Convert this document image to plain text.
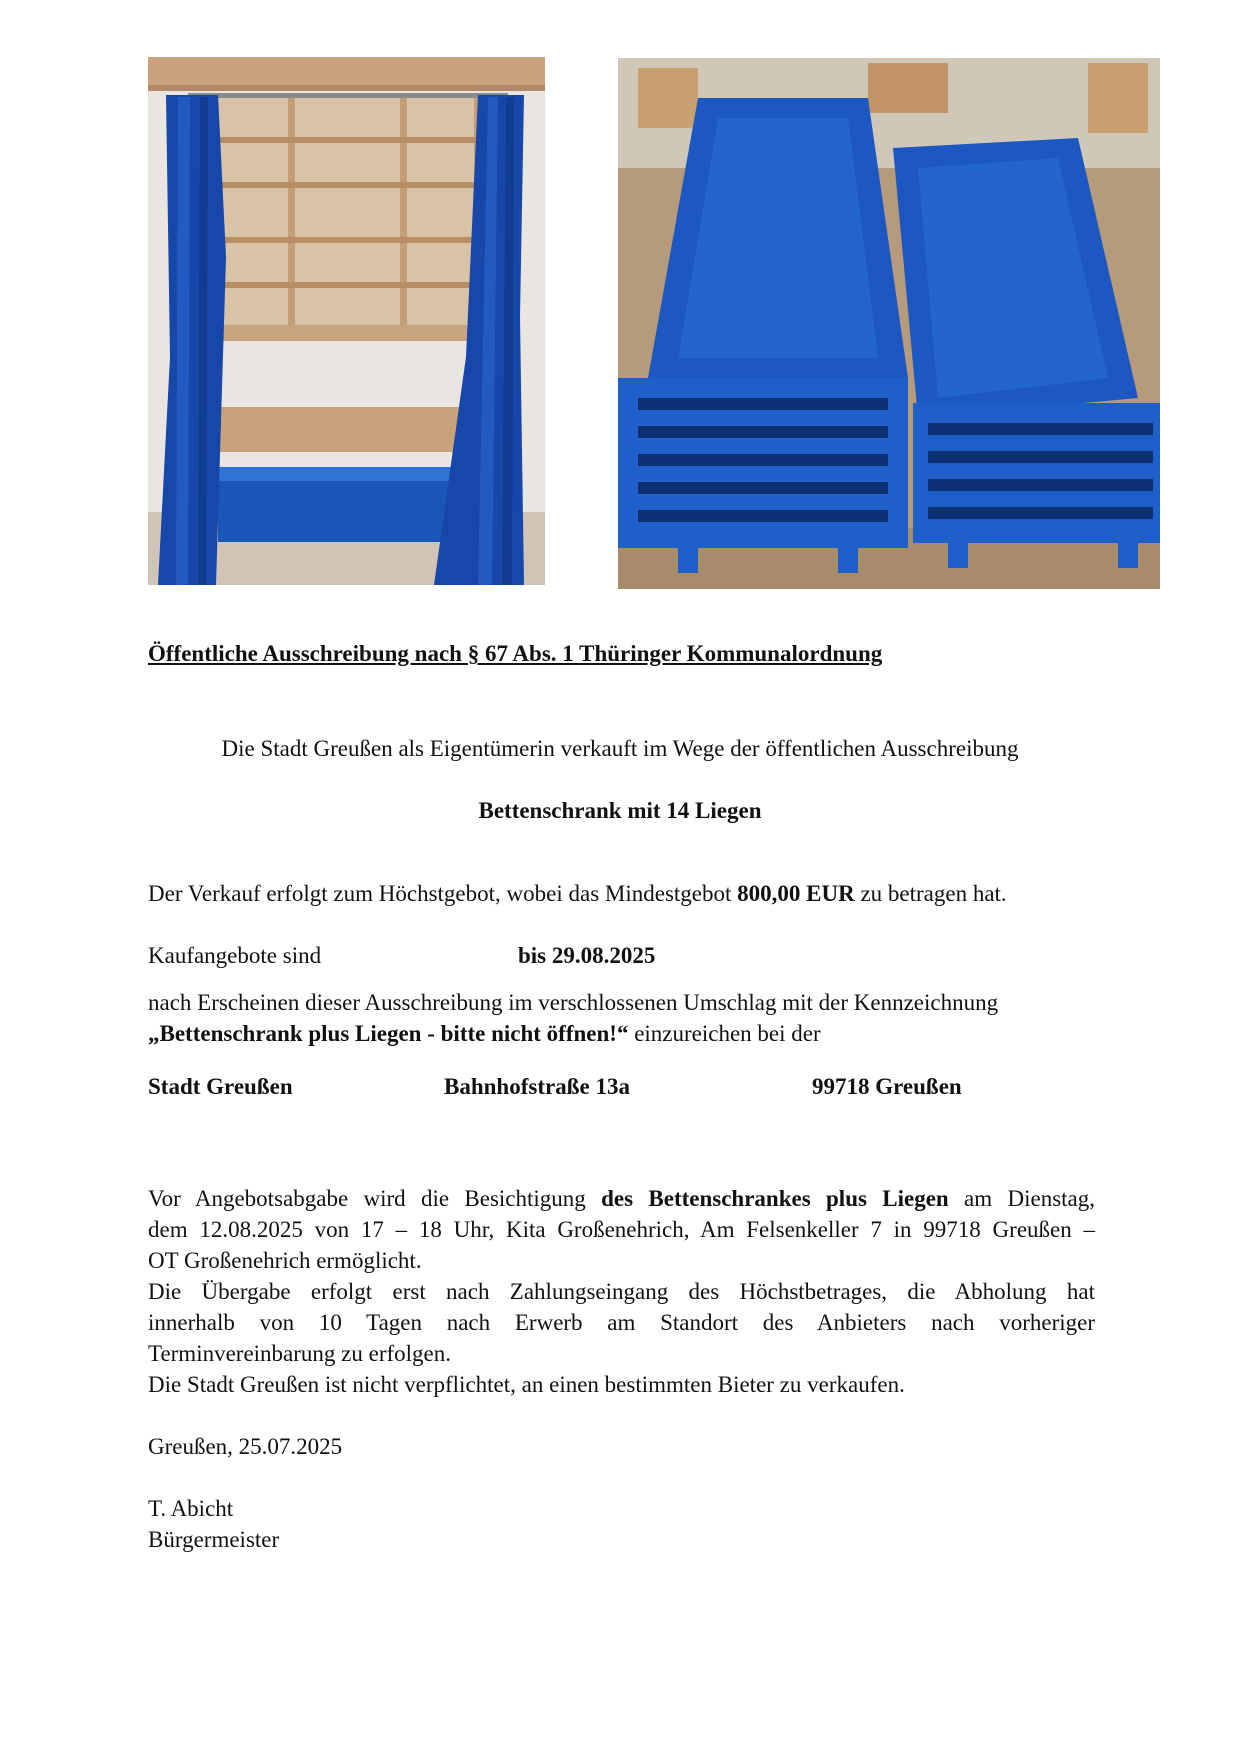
Öffentliche Ausschreibung nach § 67 Abs. 1 Thüringer Kommunalordnung
Die Stadt Greußen als Eigentümerin verkauft im Wege der öffentlichen Ausschreibung
Bettenschrank mit 14 Liegen
Der Verkauf erfolgt zum Höchstgebot, wobei das Mindestgebot 800,00 EUR zu betragen hat.
Kaufangebote sind	bis 29.08.2025
nach Erscheinen dieser Ausschreibung im verschlossenen Umschlag mit der Kennzeichnung
„Bettenschrank plus Liegen - bitte nicht öffnen!“ einzureichen bei der
Stadt Greußen	Bahnhofstraße 13a	99718 Greußen
Vor Angebotsabgabe wird die Besichtigung des Bettenschrankes plus Liegen am Dienstag,
dem 12.08.2025 von 17 – 18 Uhr, Kita Großenehrich, Am Felsenkeller 7 in 99718 Greußen –
OT Großenehrich ermöglicht.
Die Übergabe erfolgt erst nach Zahlungseingang des Höchstbetrages, die Abholung hat
innerhalb von 10 Tagen nach Erwerb am Standort des Anbieters nach vorheriger
Terminvereinbarung zu erfolgen.
Die Stadt Greußen ist nicht verpflichtet, an einen bestimmten Bieter zu verkaufen.
Greußen, 25.07.2025
T. Abicht
Bürgermeister
